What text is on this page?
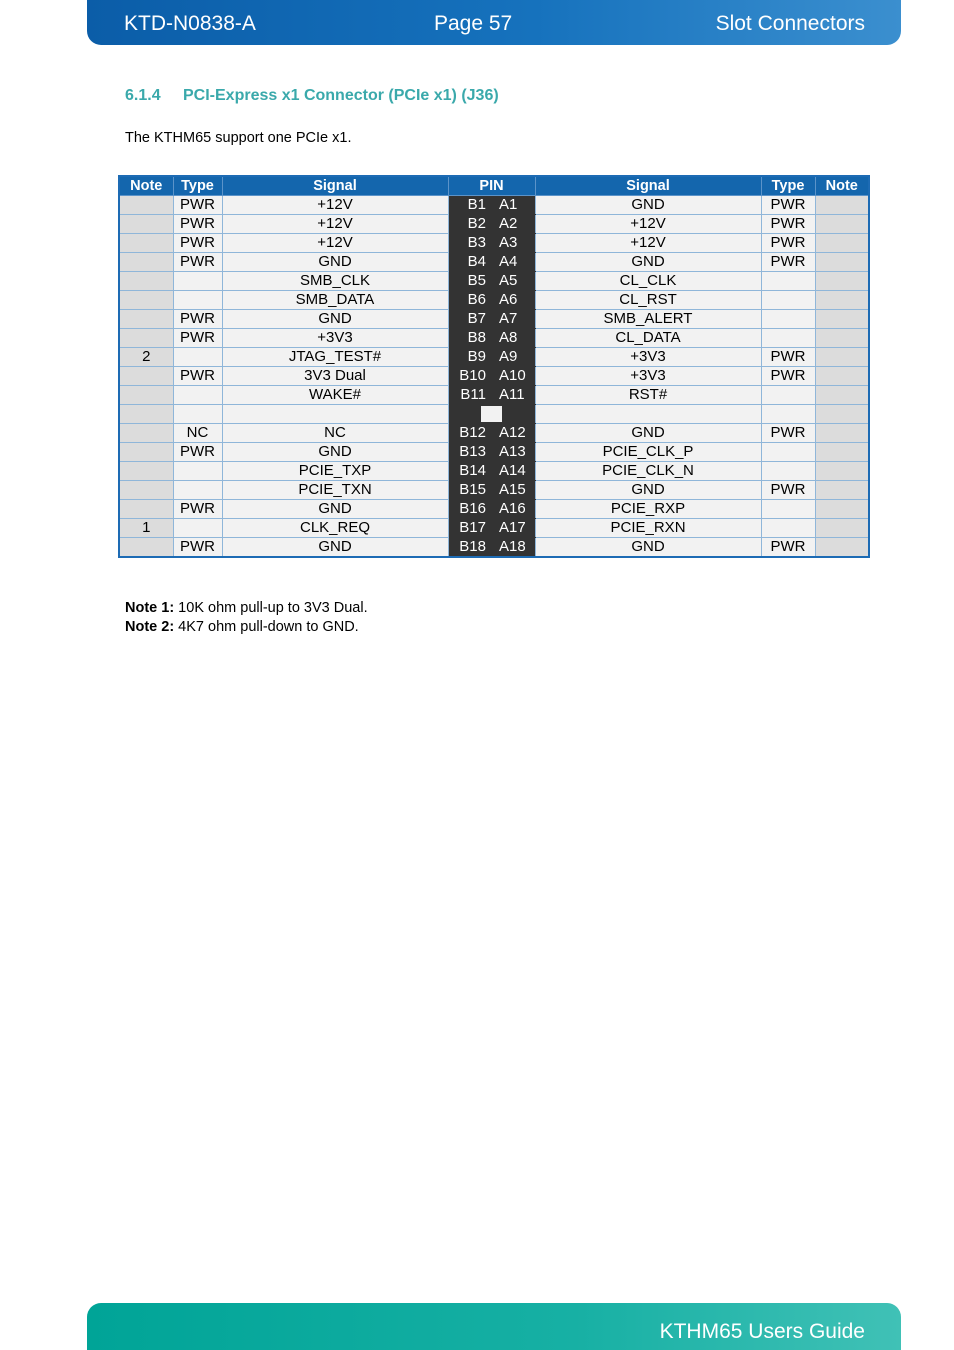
KTD-N0838-A	Page 57	Slot Connectors
6.1.4 PCI-Express x1 Connector (PCIe x1) (J36)
The KTHM65 support one PCIe x1.
Note	Type	Signal	PIN		Signal	Type	Note
	PWR	+12V	B1	A1	GND	PWR	
	PWR	+12V	B2	A2	+12V	PWR	
	PWR	+12V	B3	A3	+12V	PWR	
	PWR	GND	B4	A4	GND	PWR	
		SMB_CLK	B5	A5	CL_CLK		
		SMB_DATA	B6	A6	CL_RST		
	PWR	GND	B7	A7	SMB_ALERT		
	PWR	+3V3	B8	A8	CL_DATA		
2		JTAG_TEST#	B9	A9	+3V3	PWR	
	PWR	3V3 Dual	B10	A10	+3V3	PWR	
		WAKE#	B11	A11	RST#		

	NC	NC	B12	A12	GND	PWR	
	PWR	GND	B13	A13	PCIE_CLK_P		
		PCIE_TXP	B14	A14	PCIE_CLK_N		
		PCIE_TXN	B15	A15	GND	PWR	
	PWR	GND	B16	A16	PCIE_RXP		
1		CLK_REQ	B17	A17	PCIE_RXN		
	PWR	GND	B18	A18	GND	PWR	
Note 1: 10K ohm pull-up to 3V3 Dual.
Note 2: 4K7 ohm pull-down to GND.
KTHM65 Users Guide
